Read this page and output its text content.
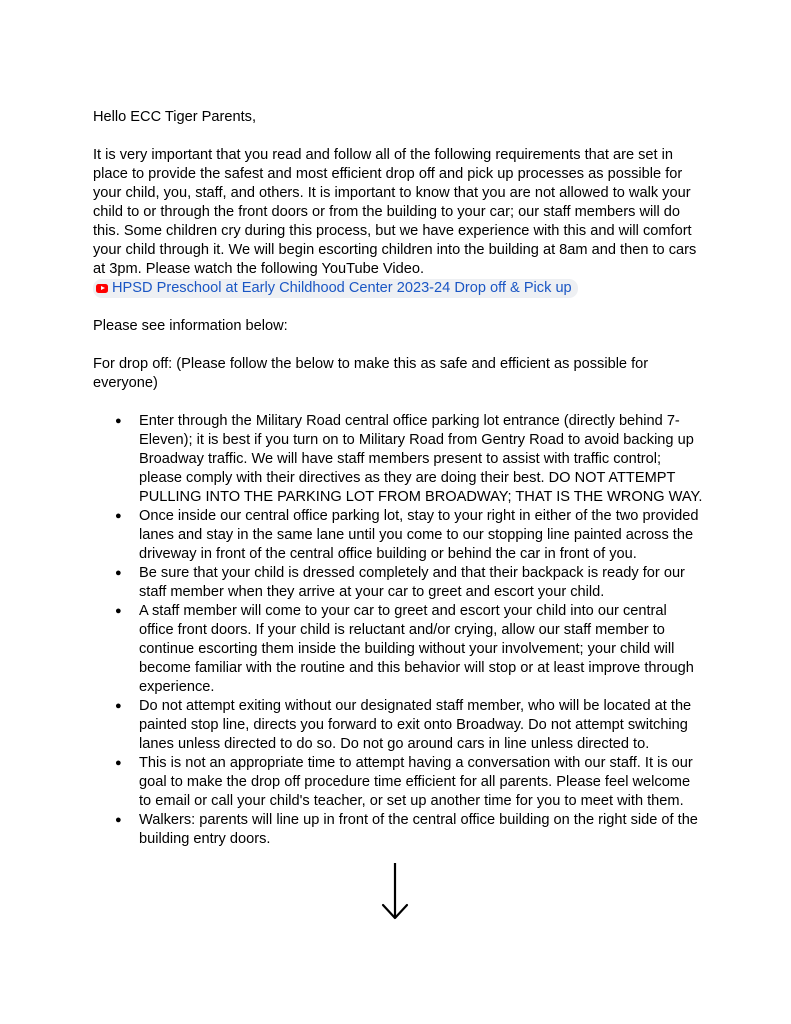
Hello ECC Tiger Parents,

It is very important that you read and follow all of the following requirements that are set in place to provide the safest and most efficient drop off and pick up processes as possible for your child, you, staff, and others. It is important to know that you are not allowed to walk your child to or through the front doors or from the building to your car; our staff members will do this. Some children cry during this process, but we have experience with this and will comfort your child through it. We will begin escorting children into the building at 8am and then to cars at 3pm. Please watch the following YouTube Video.

HPSD Preschool at Early Childhood Center 2023-24 Drop off & Pick up

Please see information below:

For drop off: (Please follow the below to make this as safe and efficient as possible for everyone)

● Enter through the Military Road central office parking lot entrance (directly behind 7-Eleven); it is best if you turn on to Military Road from Gentry Road to avoid backing up Broadway traffic. We will have staff members present to assist with traffic control; please comply with their directives as they are doing their best. DO NOT ATTEMPT PULLING INTO THE PARKING LOT FROM BROADWAY; THAT IS THE WRONG WAY.
● Once inside our central office parking lot, stay to your right in either of the two provided lanes and stay in the same lane until you come to our stopping line painted across the driveway in front of the central office building or behind the car in front of you.
● Be sure that your child is dressed completely and that their backpack is ready for our staff member when they arrive at your car to greet and escort your child.
● A staff member will come to your car to greet and escort your child into our central office front doors. If your child is reluctant and/or crying, allow our staff member to continue escorting them inside the building without your involvement; your child will become familiar with the routine and this behavior will stop or at least improve through experience.
● Do not attempt exiting without our designated staff member, who will be located at the painted stop line, directs you forward to exit onto Broadway. Do not attempt switching lanes unless directed to do so. Do not go around cars in line unless directed to.
● This is not an appropriate time to attempt having a conversation with our staff. It is our goal to make the drop off procedure time efficient for all parents. Please feel welcome to email or call your child's teacher, or set up another time for you to meet with them.
● Walkers: parents will line up in front of the central office building on the right side of the building entry doors.
